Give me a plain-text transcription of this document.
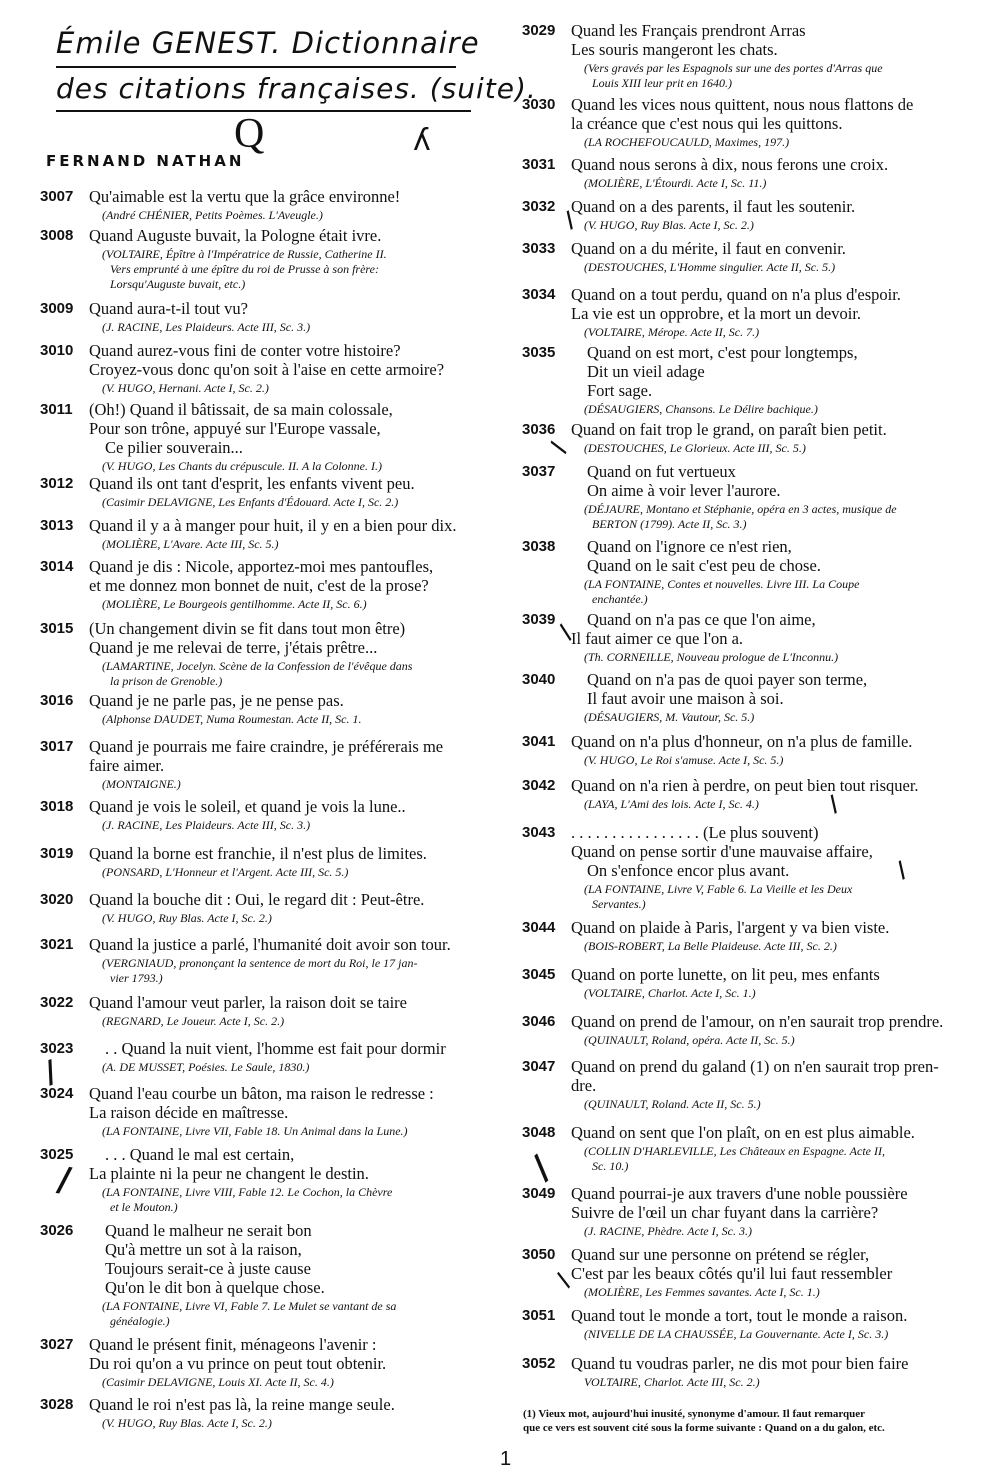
Émile GENEST. Dictionnaire
des citations françaises. (suite).
Q	ʎ
FERNAND NATHAN
3007 Qu'aimable est la vertu que la grâce environne!
(André CHÉNIER, Petits Poèmes. L'Aveugle.)
3008 Quand Auguste buvait, la Pologne était ivre.
(VOLTAIRE, Épître à l'Impératrice de Russie, Catherine II.
Vers emprunté à une épître du roi de Prusse à son frère:
Lorsqu'Auguste buvait, etc.)
3009 Quand aura-t-il tout vu?
(J. RACINE, Les Plaideurs. Acte III, Sc. 3.)
3010 Quand aurez-vous fini de conter votre histoire?
Croyez-vous donc qu'on soit à l'aise en cette armoire?
(V. HUGO, Hernani. Acte I, Sc. 2.)
3011 (Oh!) Quand il bâtissait, de sa main colossale,
Pour son trône, appuyé sur l'Europe vassale,
Ce pilier souverain...
(V. HUGO, Les Chants du crépuscule. II. A la Colonne. I.)
3012 Quand ils ont tant d'esprit, les enfants vivent peu.
(Casimir DELAVIGNE, Les Enfants d'Édouard. Acte I, Sc. 2.)
3013 Quand il y a à manger pour huit, il y en a bien pour dix.
(MOLIÈRE, L'Avare. Acte III, Sc. 5.)
3014 Quand je dis : Nicole, apportez-moi mes pantoufles,
et me donnez mon bonnet de nuit, c'est de la prose?
(MOLIÈRE, Le Bourgeois gentilhomme. Acte II, Sc. 6.)
3015 (Un changement divin se fit dans tout mon être)
Quand je me relevai de terre, j'étais prêtre...
(LAMARTINE, Jocelyn. Scène de la Confession de l'évêque dans
la prison de Grenoble.)
3016 Quand je ne parle pas, je ne pense pas.
(Alphonse DAUDET, Numa Roumestan. Acte II, Sc. 1.
3017 Quand je pourrais me faire craindre, je préférerais me
faire aimer.
(MONTAIGNE.)
3018 Quand je vois le soleil, et quand je vois la lune..
(J. RACINE, Les Plaideurs. Acte III, Sc. 3.)
3019 Quand la borne est franchie, il n'est plus de limites.
(PONSARD, L'Honneur et l'Argent. Acte III, Sc. 5.)
3020 Quand la bouche dit : Oui, le regard dit : Peut-être.
(V. HUGO, Ruy Blas. Acte I, Sc. 2.)
3021 Quand la justice a parlé, l'humanité doit avoir son tour.
(VERGNIAUD, prononçant la sentence de mort du Roi, le 17 jan-
vier 1793.)
3022 Quand l'amour veut parler, la raison doit se taire
(REGNARD, Le Joueur. Acte I, Sc. 2.)
3023	. . Quand la nuit vient, l'homme est fait pour dormir
(A. DE MUSSET, Poésies. Le Saule, 1830.)
3024 Quand l'eau courbe un bâton, ma raison le redresse :
La raison décide en maîtresse.
(LA FONTAINE, Livre VII, Fable 18. Un Animal dans la Lune.)
3025	. . . Quand le mal est certain,
La plainte ni la peur ne changent le destin.
(LA FONTAINE, Livre VIII, Fable 12. Le Cochon, la Chèvre
et le Mouton.)
3026	Quand le malheur ne serait bon
Qu'à mettre un sot à la raison,
Toujours serait-ce à juste cause
Qu'on le dit bon à quelque chose.
(LA FONTAINE, Livre VI, Fable 7. Le Mulet se vantant de sa
généalogie.)
3027 Quand le présent finit, ménageons l'avenir :
Du roi qu'on a vu prince on peut tout obtenir.
(Casimir DELAVIGNE, Louis XI. Acte II, Sc. 4.)
3028 Quand le roi n'est pas là, la reine mange seule.
(V. HUGO, Ruy Blas. Acte I, Sc. 2.)
3029 Quand les Français prendront Arras
Les souris mangeront les chats.
(Vers gravés par les Espagnols sur une des portes d'Arras que
Louis XIII leur prit en 1640.)
3030 Quand les vices nous quittent, nous nous flattons de
la créance que c'est nous qui les quittons.
(LA ROCHEFOUCAULD, Maximes, 197.)
3031 Quand nous serons à dix, nous ferons une croix.
(MOLIÈRE, L'Étourdi. Acte I, Sc. 11.)
3032 Quand on a des parents, il faut les soutenir.
(V. HUGO, Ruy Blas. Acte I, Sc. 2.)
3033 Quand on a du mérite, il faut en convenir.
(DESTOUCHES, L'Homme singulier. Acte II, Sc. 5.)
3034 Quand on a tout perdu, quand on n'a plus d'espoir.
La vie est un opprobre, et la mort un devoir.
(VOLTAIRE, Mérope. Acte II, Sc. 7.)
3035	Quand on est mort, c'est pour longtemps,
Dit un vieil adage
Fort sage.
(DÉSAUGIERS, Chansons. Le Délire bachique.)
3036 Quand on fait trop le grand, on paraît bien petit.
(DESTOUCHES, Le Glorieux. Acte III, Sc. 5.)
3037	Quand on fut vertueux
On aime à voir lever l'aurore.
(DÉJAURE, Montano et Stéphanie, opéra en 3 actes, musique de
BERTON (1799). Acte II, Sc. 3.)
3038	Quand on l'ignore ce n'est rien,
Quand on le sait c'est peu de chose.
(LA FONTAINE, Contes et nouvelles. Livre III. La Coupe
enchantée.)
3039	Quand on n'a pas ce que l'on aime,
Il faut aimer ce que l'on a.
(Th. CORNEILLE, Nouveau prologue de L'Inconnu.)
3040	Quand on n'a pas de quoi payer son terme,
Il faut avoir une maison à soi.
(DÉSAUGIERS, M. Vautour, Sc. 5.)
3041 Quand on n'a plus d'honneur, on n'a plus de famille.
(V. HUGO, Le Roi s'amuse. Acte I, Sc. 5.)
3042 Quand on n'a rien à perdre, on peut bien tout risquer.
(LAYA, L'Ami des lois. Acte I, Sc. 4.)
3043 . . . . . . . . . . . . . . . . (Le plus souvent)
Quand on pense sortir d'une mauvaise affaire,
On s'enfonce encor plus avant.
(LA FONTAINE, Livre V, Fable 6. La Vieille et les Deux
Servantes.)
3044 Quand on plaide à Paris, l'argent y va bien viste.
(BOIS-ROBERT, La Belle Plaideuse. Acte III, Sc. 2.)
3045 Quand on porte lunette, on lit peu, mes enfants
(VOLTAIRE, Charlot. Acte I, Sc. 1.)
3046 Quand on prend de l'amour, on n'en saurait trop prendre.
(QUINAULT, Roland, opéra. Acte II, Sc. 5.)
3047 Quand on prend du galand (1) on n'en saurait trop pren-
dre.
(QUINAULT, Roland. Acte II, Sc. 5.)
3048 Quand on sent que l'on plaît, on en est plus aimable.
(COLLIN D'HARLEVILLE, Les Châteaux en Espagne. Acte II,
Sc. 10.)
3049 Quand pourrai-je aux travers d'une noble poussière
Suivre de l'œil un char fuyant dans la carrière?
(J. RACINE, Phèdre. Acte I, Sc. 3.)
3050 Quand sur une personne on prétend se régler,
C'est par les beaux côtés qu'il lui faut ressembler
(MOLIÈRE, Les Femmes savantes. Acte I, Sc. 1.)
3051 Quand tout le monde a tort, tout le monde a raison.
(NIVELLE DE LA CHAUSSÉE, La Gouvernante. Acte I, Sc. 3.)
3052 Quand tu voudras parler, ne dis mot pour bien faire
VOLTAIRE, Charlot. Acte III, Sc. 2.)
/
/
/
/
/
/
/
/
/
(1) Vieux mot, aujourd'hui inusité, synonyme d'amour. Il faut remarquer
que ce vers est souvent cité sous la forme suivante : Quand on a du galon, etc.
1
